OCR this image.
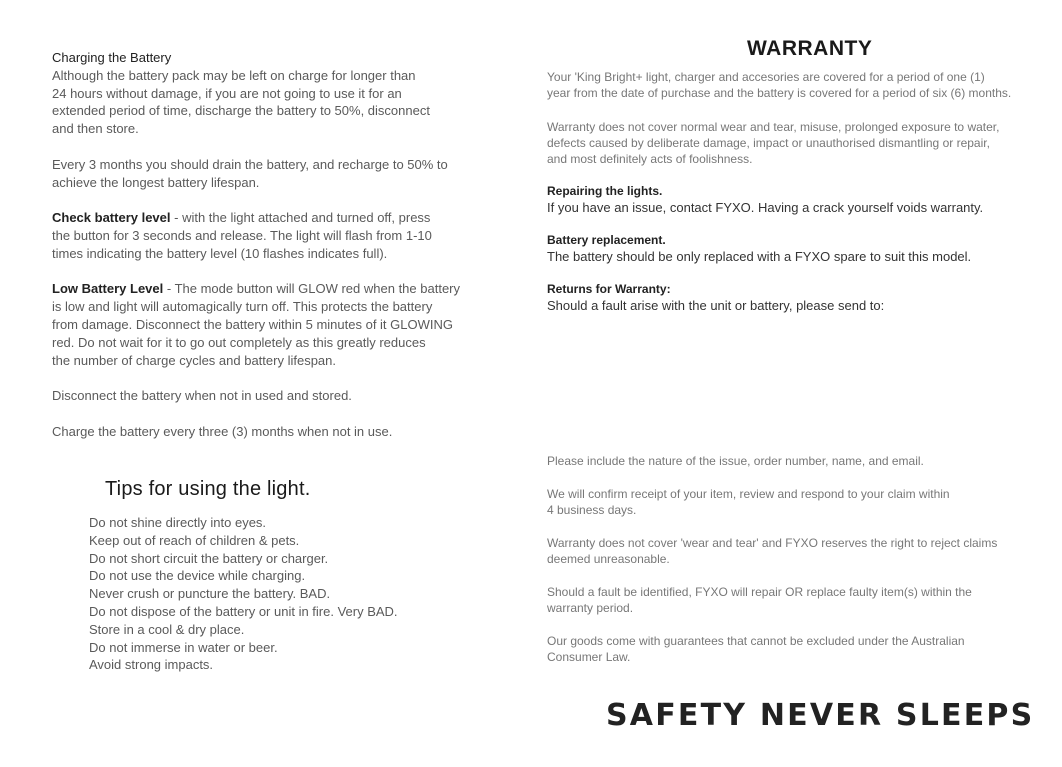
Charging the Battery
Although the battery pack may be left on charge for longer than
24 hours without damage, if you are not going to use it for an
extended period of time, discharge the battery to 50%, disconnect
and then store.
Every 3 months you should drain the battery, and recharge to 50% to
achieve the longest battery lifespan.
Check battery level - with the light attached and turned off, press
the button for 3 seconds and release. The light will flash from 1-10
times indicating the battery level (10 flashes indicates full).
Low Battery Level - The mode button will GLOW red when the battery
is low and light will automagically turn off. This protects the battery
from damage. Disconnect the battery within 5 minutes of it GLOWING
red. Do not wait for it to go out completely as this greatly reduces
the number of charge cycles and battery lifespan.
Disconnect the battery when not in used and stored.
Charge the battery every three (3) months when not in use.
Tips for using the light.
Do not shine directly into eyes.
Keep out of reach of children & pets.
Do not short circuit the battery or charger.
Do not use the device while charging.
Never crush or puncture the battery. BAD.
Do not dispose of the battery or unit in fire. Very BAD.
Store in a cool & dry place.
Do not immerse in water or beer.
Avoid strong impacts.
WARRANTY
Your 'King Bright+ light, charger and accesories are covered for a period of one (1)
year from the date of purchase and the battery is covered for a period of six (6) months.
Warranty does not cover normal wear and tear, misuse, prolonged exposure to water,
defects caused by deliberate damage, impact or unauthorised dismantling or repair,
and most definitely acts of foolishness.
Repairing the lights.
If you have an issue, contact FYXO. Having a crack yourself voids warranty.
Battery replacement.
The battery should be only replaced with a FYXO spare to suit this model.
Returns for Warranty:
Should a fault arise with the unit or battery, please send to:
Please include the nature of the issue, order number, name, and email.
We will confirm receipt of your item, review and respond to your claim within
4 business days.
Warranty does not cover 'wear and tear' and FYXO reserves the right to reject claims
deemed unreasonable.
Should a fault be identified, FYXO will repair OR replace faulty item(s) within the
warranty period.
Our goods come with guarantees that cannot be excluded under the Australian
Consumer Law.
SAFETY NEVER SLEEPS
